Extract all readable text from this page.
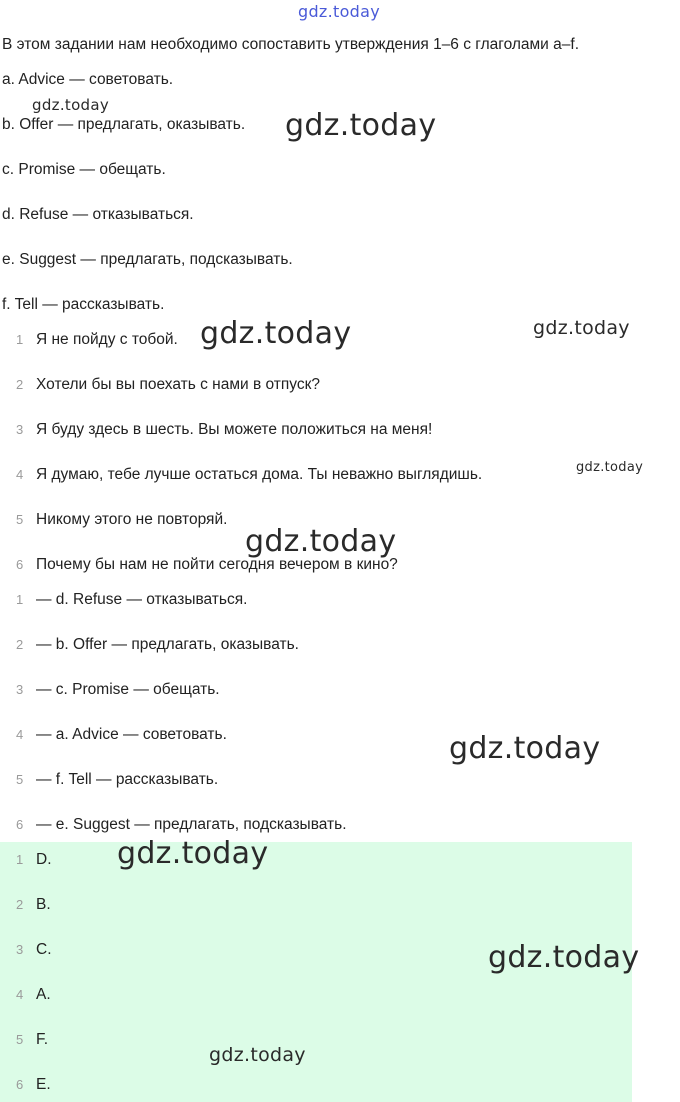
gdz.today
В этом задании нам необходимо сопоставить утверждения 1–6 с глаголами a–f.
a. Advice — советовать.
b. Offer — предлагать, оказывать.
c. Promise — обещать.
d. Refuse — отказываться.
e. Suggest — предлагать, подсказывать.
f. Tell — рассказывать.
1 Я не пойду с тобой.
2 Хотели бы вы поехать с нами в отпуск?
3 Я буду здесь в шесть. Вы можете положиться на меня!
4 Я думаю, тебе лучше остаться дома. Ты неважно выглядишь.
5 Никому этого не повторяй.
6 Почему бы нам не пойти сегодня вечером в кино?
1 — d. Refuse — отказываться.
2 — b. Offer — предлагать, оказывать.
3 — c. Promise — обещать.
4 — a. Advice — советовать.
5 — f. Tell — рассказывать.
6 — e. Suggest — предлагать, подсказывать.
1 D.
2 B.
3 C.
4 A.
5 F.
6 E.
gdz.today
gdz.today
gdz.today	gdz.today
gdz.today
gdz.today
gdz.today
gdz.today
gdz.today
gdz.today
